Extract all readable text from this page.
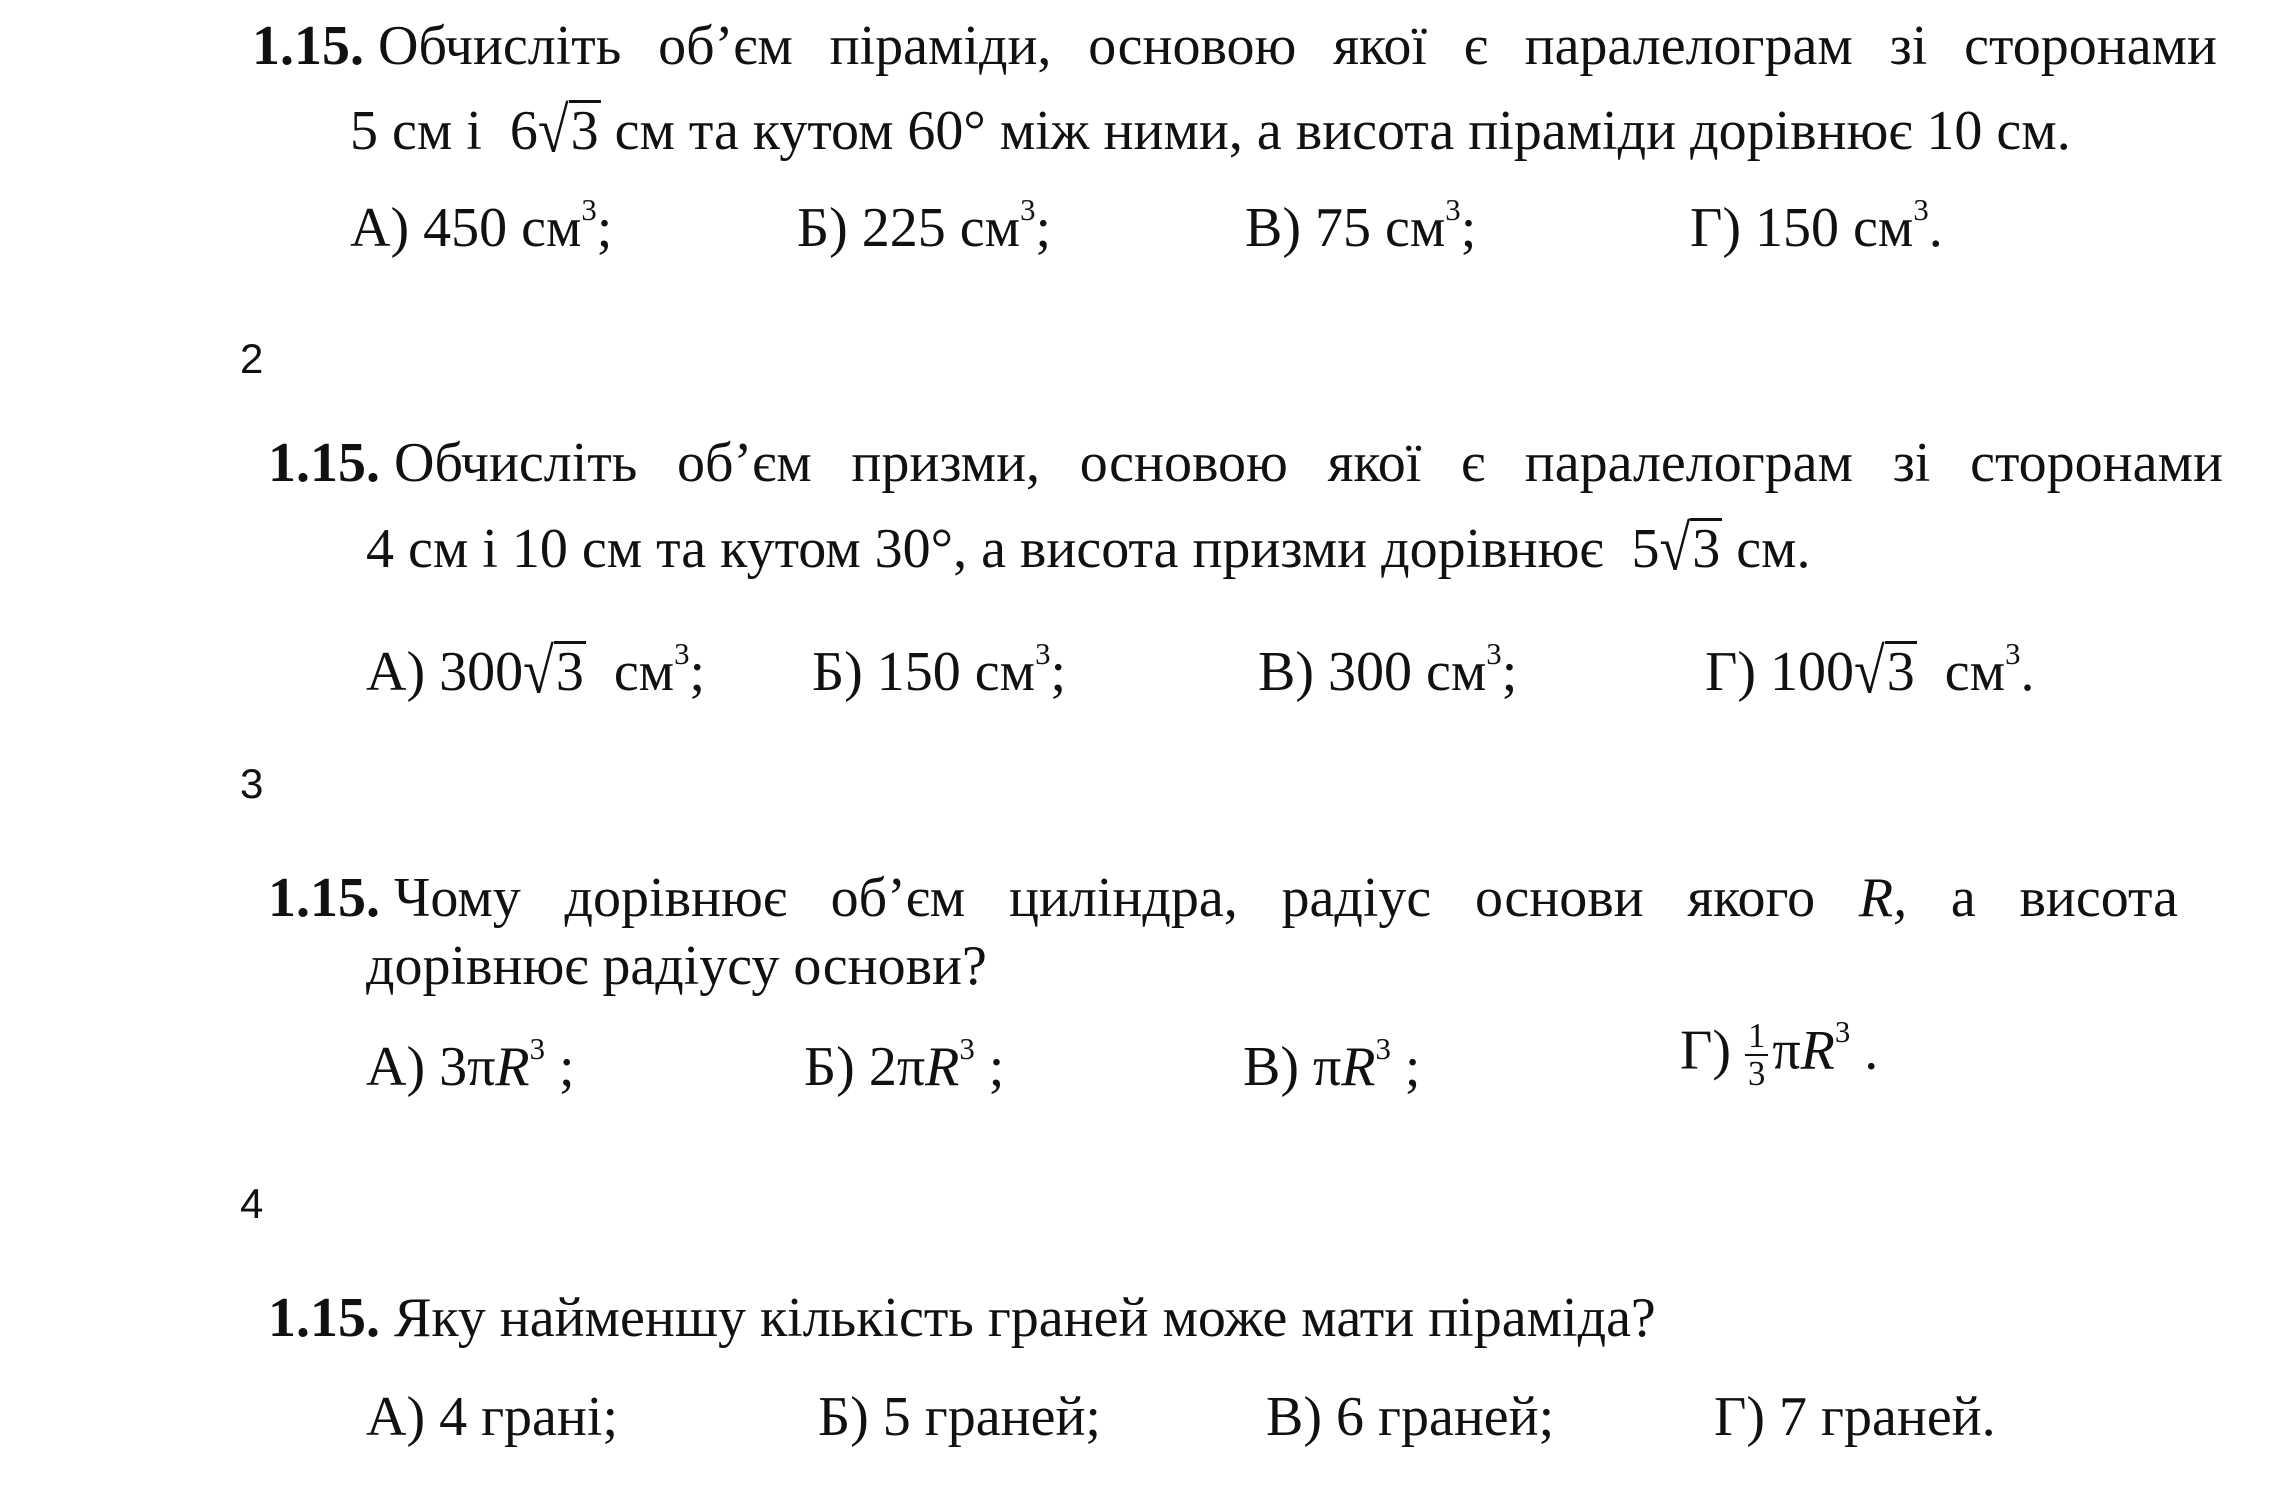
1.15. Обчисліть об’єм піраміди, основою якої є паралелограм зі сторонами
5 см і  6√3 см та кутом 60° між ними, а висота піраміди дорівнює 10 см.
А) 450 $см^3$;	Б) 225 $см^3$;	В) 75 $см^3$;	Г) 150 $см^3$.
2
1.15. Обчисліть об’єм призми, основою якої є паралелограм зі сторонами
4 см і 10 см та кутом 30°, а висота призми дорівнює  5√3 см.
А) 300√3  $см^3$; Б) 150 $см^3$;	В) 300 $см^3$;	Г) 100√3  $см^3$.
3
1.15. Чому дорівнює об’єм циліндра, радіус основи якого R, а висота
дорівнює радіусу основи?
А) $3\pi R^3$ ;	Б) $2\pi R^3$ ;	В) $\pi R^3$ ;	$Г) \frac{1}{3} \pi R^3$ .
4
1.15. Яку найменшу кількість граней може мати піраміда?
А) 4 грані;	Б) 5 граней;	В) 6 граней;	Г) 7 граней.
